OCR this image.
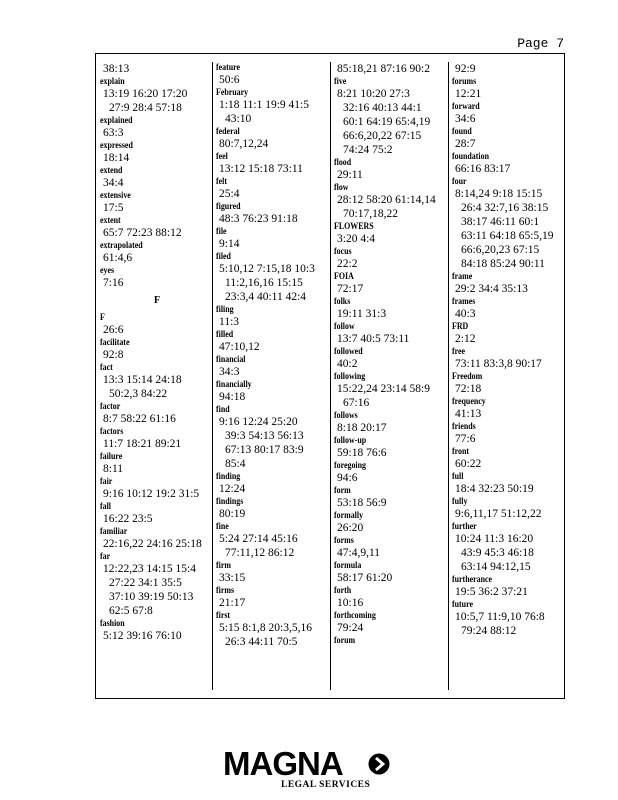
Page 7
38:13
explain
13:19 16:20 17:20
27:9 28:4 57:18
explained
63:3
expressed
18:14
extend
34:4
extensive
17:5
extent
65:7 72:23 88:12
extrapolated
61:4,6
eyes
7:16
F
F
26:6
facilitate
92:8
fact
13:3 15:14 24:18
50:2,3 84:22
factor
8:7 58:22 61:16
factors
11:7 18:21 89:21
failure
8:11
fair
9:16 10:12 19:2 31:5
fall
16:22 23:5
familiar
22:16,22 24:16 25:18
far
12:22,23 14:15 15:4
27:22 34:1 35:5
37:10 39:19 50:13
62:5 67:8
fashion
5:12 39:16 76:10
feature
50:6
February
1:18 11:1 19:9 41:5
43:10
federal
80:7,12,24
feel
13:12 15:18 73:11
felt
25:4
figured
48:3 76:23 91:18
file
9:14
filed
5:10,12 7:15,18 10:3
11:2,16,16 15:15
23:3,4 40:11 42:4
filing
11:3
filled
47:10,12
financial
34:3
financially
94:18
find
9:16 12:24 25:20
39:3 54:13 56:13
67:13 80:17 83:9
85:4
finding
12:24
findings
80:19
fine
5:24 27:14 45:16
77:11,12 86:12
firm
33:15
firms
21:17
first
5:15 8:1,8 20:3,5,16
26:3 44:11 70:5
85:18,21 87:16 90:2
five
8:21 10:20 27:3
32:16 40:13 44:1
60:1 64:19 65:4,19
66:6,20,22 67:15
74:24 75:2
flood
29:11
flow
28:12 58:20 61:14,14
70:17,18,22
FLOWERS
3:20 4:4
focus
22:2
FOIA
72:17
folks
19:11 31:3
follow
13:7 40:5 73:11
followed
40:2
following
15:22,24 23:14 58:9
67:16
follows
8:18 20:17
follow-up
59:18 76:6
foregoing
94:6
form
53:18 56:9
formally
26:20
forms
47:4,9,11
formula
58:17 61:20
forth
10:16
forthcoming
79:24
forum
92:9
forums
12:21
forward
34:6
found
28:7
foundation
66:16 83:17
four
8:14,24 9:18 15:15
26:4 32:7,16 38:15
38:17 46:11 60:1
63:11 64:18 65:5,19
66:6,20,23 67:15
84:18 85:24 90:11
frame
29:2 34:4 35:13
frames
40:3
FRD
2:12
free
73:11 83:3,8 90:17
Freedom
72:18
frequency
41:13
friends
77:6
front
60:22
full
18:4 32:23 50:19
fully
9:6,11,17 51:12,22
further
10:24 11:3 16:20
43:9 45:3 46:18
63:14 94:12,15
furtherance
19:5 36:2 37:21
future
10:5,7 11:9,10 76:8
79:24 88:12
MAGNA
LEGAL SERVICES
